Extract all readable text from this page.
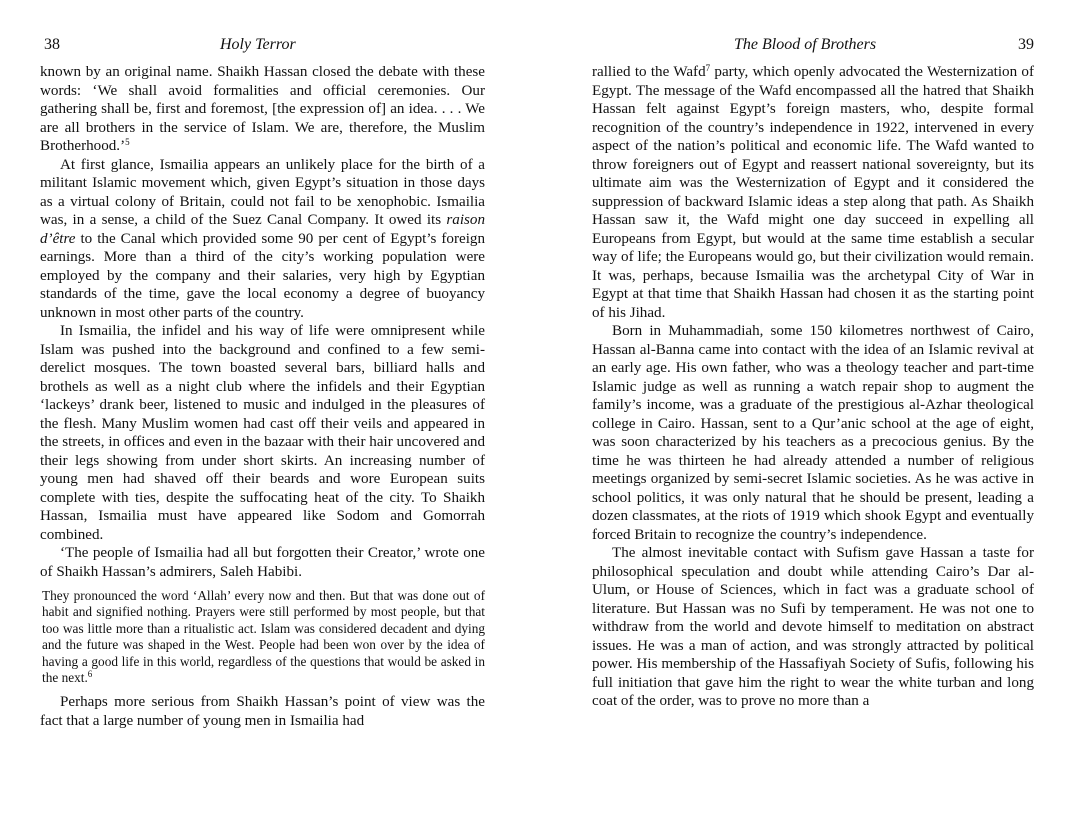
38	Holy Terror

known by an original name. Shaikh Hassan closed the debate with these words: ‘We shall avoid formalities and official ceremonies. Our gathering shall be, first and foremost, [the expression of] an idea. . . . We are all brothers in the service of Islam. We are, therefore, the Muslim Brotherhood.’$^5$

At first glance, Ismailia appears an unlikely place for the birth of a militant Islamic movement which, given Egypt’s situation in those days as a virtual colony of Britain, could not fail to be xenophobic. Ismailia was, in a sense, a child of the Suez Canal Company. It owed its raison d’être to the Canal which provided some 90 per cent of Egypt’s foreign earnings. More than a third of the city’s working population were employed by the company and their salaries, very high by Egyptian standards of the time, gave the local economy a degree of buoyancy unknown in most other parts of the country.

In Ismailia, the infidel and his way of life were omnipresent while Islam was pushed into the background and confined to a few semi-derelict mosques. The town boasted several bars, billiard halls and brothels as well as a night club where the infidels and their Egyptian ‘lackeys’ drank beer, listened to music and indulged in the pleasures of the flesh. Many Muslim women had cast off their veils and appeared in the streets, in offices and even in the bazaar with their hair uncovered and their legs showing from under short skirts. An increasing number of young men had shaved off their beards and wore European suits complete with ties, despite the suffocating heat of the city. To Shaikh Hassan, Ismailia must have appeared like Sodom and Gomorrah combined.

‘The people of Ismailia had all but forgotten their Creator,’ wrote one of Shaikh Hassan’s admirers, Saleh Habibi.

They pronounced the word ‘Allah’ every now and then. But that was done out of habit and signified nothing. Prayers were still performed by most people, but that too was little more than a ritualistic act. Islam was considered decadent and dying and the future was shaped in the West. People had been won over by the idea of having a good life in this world, regardless of the questions that would be asked in the next.$^6$

Perhaps more serious from Shaikh Hassan’s point of view was the fact that a large number of young men in Ismailia had

The Blood of Brothers	39

rallied to the Wafd$^7$ party, which openly advocated the Westernization of Egypt. The message of the Wafd encompassed all the hatred that Shaikh Hassan felt against Egypt’s foreign masters, who, despite formal recognition of the country’s independence in 1922, intervened in every aspect of the nation’s political and economic life. The Wafd wanted to throw foreigners out of Egypt and reassert national sovereignty, but its ultimate aim was the Westernization of Egypt and it considered the suppression of backward Islamic ideas a step along that path. As Shaikh Hassan saw it, the Wafd might one day succeed in expelling all Europeans from Egypt, but would at the same time establish a secular way of life; the Europeans would go, but their civilization would remain. It was, perhaps, because Ismailia was the archetypal City of War in Egypt at that time that Shaikh Hassan had chosen it as the starting point of his Jihad.

Born in Muhammadiah, some 150 kilometres northwest of Cairo, Hassan al-Banna came into contact with the idea of an Islamic revival at an early age. His own father, who was a theology teacher and part-time Islamic judge as well as running a watch repair shop to augment the family’s income, was a graduate of the prestigious al-Azhar theological college in Cairo. Hassan, sent to a Qur’anic school at the age of eight, was soon characterized by his teachers as a precocious genius. By the time he was thirteen he had already attended a number of religious meetings organized by semi-secret Islamic societies. As he was active in school politics, it was only natural that he should be present, leading a dozen classmates, at the riots of 1919 which shook Egypt and eventually forced Britain to recognize the country’s independence.

The almost inevitable contact with Sufism gave Hassan a taste for philosophical speculation and doubt while attending Cairo’s Dar al-Ulum, or House of Sciences, which in fact was a graduate school of literature. But Hassan was no Sufi by temperament. He was not one to withdraw from the world and devote himself to meditation on abstract issues. He was a man of action, and was strongly attracted by political power. His membership of the Hassafiyah Society of Sufis, following his full initiation that gave him the right to wear the white turban and long coat of the order, was to prove no more than a
